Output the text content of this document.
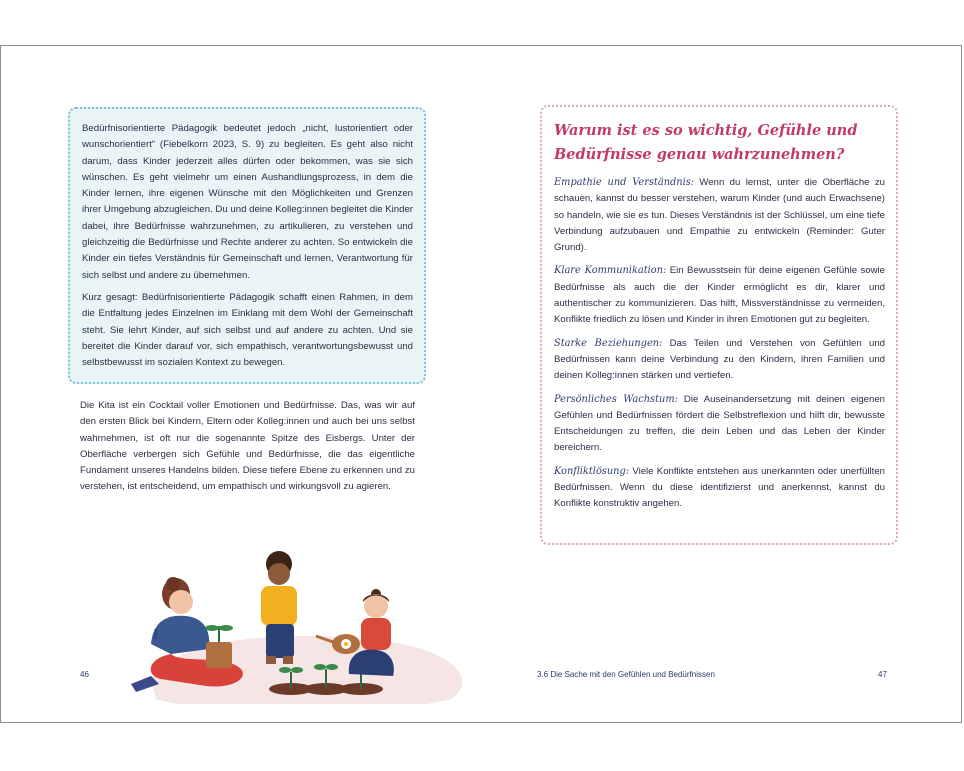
Bedürfnisorientierte Pädagogik bedeutet jedoch „nicht, lustorientiert oder wunschorientiert“ (Fiebelkorn 2023, S. 9) zu begleiten. Es geht also nicht darum, dass Kinder jederzeit alles dürfen oder bekommen, was sie sich wünschen. Es geht vielmehr um einen Aushandlungsprozess, in dem die Kinder lernen, ihre eigenen Wünsche mit den Möglichkeiten und Grenzen ihrer Umgebung abzugleichen. Du und deine Kolleg:innen begleitet die Kinder dabei, ihre Bedürfnisse wahrzunehmen, zu artikulieren, zu verstehen und gleichzeitig die Bedürfnisse und Rechte anderer zu achten. So entwickeln die Kinder ein tiefes Verständnis für Gemeinschaft und lernen, Verantwortung für sich selbst und andere zu übernehmen.

Kurz gesagt: Bedürfnisorientierte Pädagogik schafft einen Rahmen, in dem die Entfaltung jedes Einzelnen im Einklang mit dem Wohl der Gemeinschaft steht. Sie lehrt Kinder, auf sich selbst und auf andere zu achten. Und sie bereitet die Kinder darauf vor, sich empathisch, verantwortungsbewusst und selbstbewusst im sozialen Kontext zu bewegen.

Die Kita ist ein Cocktail voller Emotionen und Bedürfnisse. Das, was wir auf den ersten Blick bei Kindern, Eltern oder Kolleg:innen und auch bei uns selbst wahrnehmen, ist oft nur die sogenannte Spitze des Eisbergs. Unter der Oberfläche verbergen sich Gefühle und Bedürfnisse, die das eigentliche Fundament unseres Handelns bilden. Diese tiefere Ebene zu erkennen und zu verstehen, ist entscheidend, um empathisch und wirkungsvoll zu agieren.

46
Warum ist es so wichtig, Gefühle und Bedürfnisse genau wahrzunehmen?

Empathie und Verständnis: Wenn du lernst, unter die Oberfläche zu schauen, kannst du besser verstehen, warum Kinder (und auch Erwachsene) so handeln, wie sie es tun. Dieses Verständnis ist der Schlüssel, um eine tiefe Verbindung aufzubauen und Empathie zu entwickeln (Reminder: Guter Grund).

Klare Kommunikation: Ein Bewusstsein für deine eigenen Gefühle sowie Bedürfnisse als auch die der Kinder ermöglicht es dir, klarer und authentischer zu kommunizieren. Das hilft, Missverständnisse zu vermeiden, Konflikte friedlich zu lösen und Kinder in ihren Emotionen gut zu begleiten.

Starke Beziehungen: Das Teilen und Verstehen von Gefühlen und Bedürfnissen kann deine Verbindung zu den Kindern, ihren Familien und deinen Kolleg:innen stärken und vertiefen.

Persönliches Wachstum: Die Auseinandersetzung mit deinen eigenen Gefühlen und Bedürfnissen fördert die Selbstreflexion und hilft dir, bewusste Entscheidungen zu treffen, die dein Leben und das Leben der Kinder bereichern.

Konfliktlösung: Viele Konflikte entstehen aus unerkannten oder unerfüllten Bedürfnissen. Wenn du diese identifizierst und anerkennst, kannst du Konflikte konstruktiv angehen.

3.6 Die Sache mit den Gefühlen und Bedürfnissen	47
